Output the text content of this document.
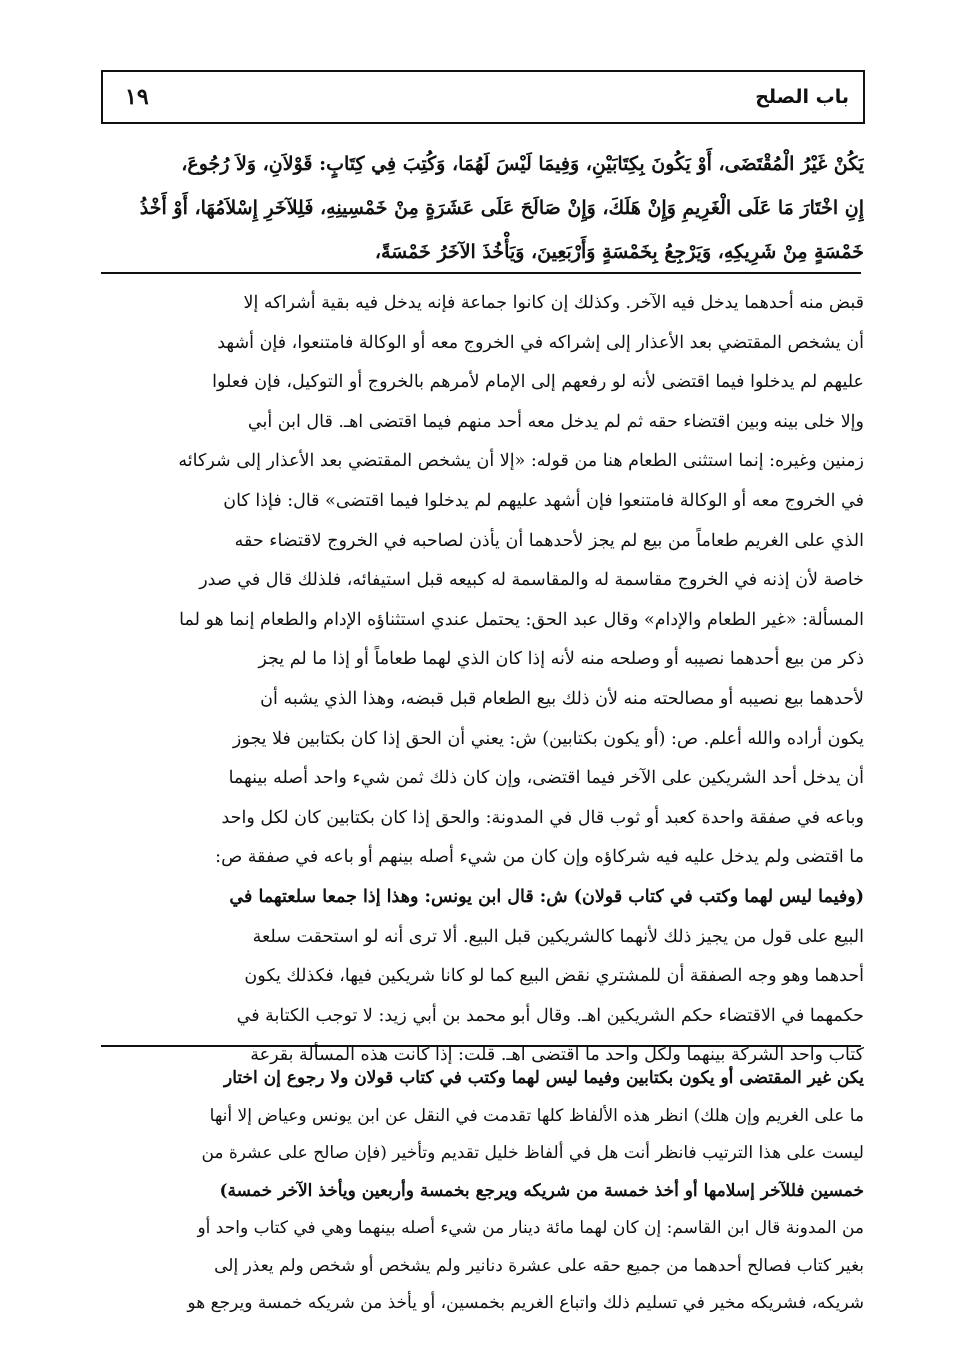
١٩	باب الصلح
يَكُنْ غَيْرُ الْمُقْتَضَى، أَوْ يَكُونَ بِكِتَابَيْنِ، وَفِيمَا لَيْسَ لَهُمَا، وَكُتِبَ فِي كِتَابٍ: قَوْلاَنِ، وَلاَ رُجُوعَ،
إِنِ اخْتَارَ مَا عَلَى الْغَرِيمِ وَإِنْ هَلَكَ، وَإِنْ صَالَحَ عَلَى عَشَرَةٍ مِنْ خَمْسِينِهِ، فَلِلآخَرِ إِسْلاَمُهَا، أَوْ أَخْذُ
خَمْسَةٍ مِنْ شَرِيكِهِ، وَيَرْجِعُ بِخَمْسَةٍ وَأَرْبَعِينَ، وَيَأْخُذَ الآخَرُ خَمْسَةً،
قبض منه أحدهما يدخل فيه الآخر. وكذلك إن كانوا جماعة فإنه يدخل فيه بقية أشراكه إلا
أن يشخص المقتضي بعد الأعذار إلى إشراكه في الخروج معه أو الوكالة فامتنعوا، فإن أشهد
عليهم لم يدخلوا فيما اقتضى لأنه لو رفعهم إلى الإمام لأمرهم بالخروج أو التوكيل، فإن فعلوا
وإلا خلى بينه وبين اقتضاء حقه ثم لم يدخل معه أحد منهم فيما اقتضى اهـ. قال ابن أبي
زمنين وغيره: إنما استثنى الطعام هنا من قوله: «إلا أن يشخص المقتضي بعد الأعذار إلى شركائه
في الخروج معه أو الوكالة فامتنعوا فإن أشهد عليهم لم يدخلوا فيما اقتضى» قال: فإذا كان
الذي على الغريم طعاماً من بيع لم يجز لأحدهما أن يأذن لصاحبه في الخروج لاقتضاء حقه
خاصة لأن إذنه في الخروج مقاسمة له والمقاسمة له كبيعه قبل استيفائه، فلذلك قال في صدر
المسألة: «غير الطعام والإدام» وقال عبد الحق: يحتمل عندي استثناؤه الإدام والطعام إنما هو لما
ذكر من بيع أحدهما نصيبه أو وصلحه منه لأنه إذا كان الذي لهما طعاماً أو إذا ما لم يجز
لأحدهما بيع نصيبه أو مصالحته منه لأن ذلك بيع الطعام قبل قبضه، وهذا الذي يشبه أن
يكون أراده والله أعلم. ص: (أو يكون بكتابين) ش: يعني أن الحق إذا كان بكتابين فلا يجوز
أن يدخل أحد الشريكين على الآخر فيما اقتضى، وإن كان ذلك ثمن شيء واحد أصله بينهما
وباعه في صفقة واحدة كعبد أو ثوب قال في المدونة: والحق إذا كان بكتابين كان لكل واحد
ما اقتضى ولم يدخل عليه فيه شركاؤه وإن كان من شيء أصله بينهم أو باعه في صفقة ص:
(وفيما ليس لهما وكتب في كتاب قولان) ش: قال ابن يونس: وهذا إذا جمعا سلعتهما في
البيع على قول من يجيز ذلك لأنهما كالشريكين قبل البيع. ألا ترى أنه لو استحقت سلعة
أحدهما وهو وجه الصفقة أن للمشتري نقض البيع كما لو كانا شريكين فيها، فكذلك يكون
حكمهما في الاقتضاء حكم الشريكين اهـ. وقال أبو محمد بن أبي زيد: لا توجب الكتابة في
كتاب واحد الشركة بينهما ولكل واحد ما اقتضى اهـ. قلت: إذا كانت هذه المسألة بقرعة
يكن غير المقتضى أو يكون بكتابين وفيما ليس لهما وكتب في كتاب قولان ولا رجوع إن اختار
ما على الغريم وإن هلك) انظر هذه الألفاظ كلها تقدمت في النقل عن ابن يونس وعياض إلا أنها
ليست على هذا الترتيب فانظر أنت هل في ألفاظ خليل تقديم وتأخير (فإن صالح على عشرة من
خمسين فللآخر إسلامها أو أخذ خمسة من شريكه ويرجع بخمسة وأربعين ويأخذ الآخر خمسة)
من المدونة قال ابن القاسم: إن كان لهما مائة دينار من شيء أصله بينهما وهي في كتاب واحد أو
بغير كتاب فصالح أحدهما من جميع حقه على عشرة دنانير ولم يشخص أو شخص ولم يعذر إلى
شريكه، فشريكه مخير في تسليم ذلك واتباع الغريم بخمسين، أو يأخذ من شريكه خمسة ويرجع هو
